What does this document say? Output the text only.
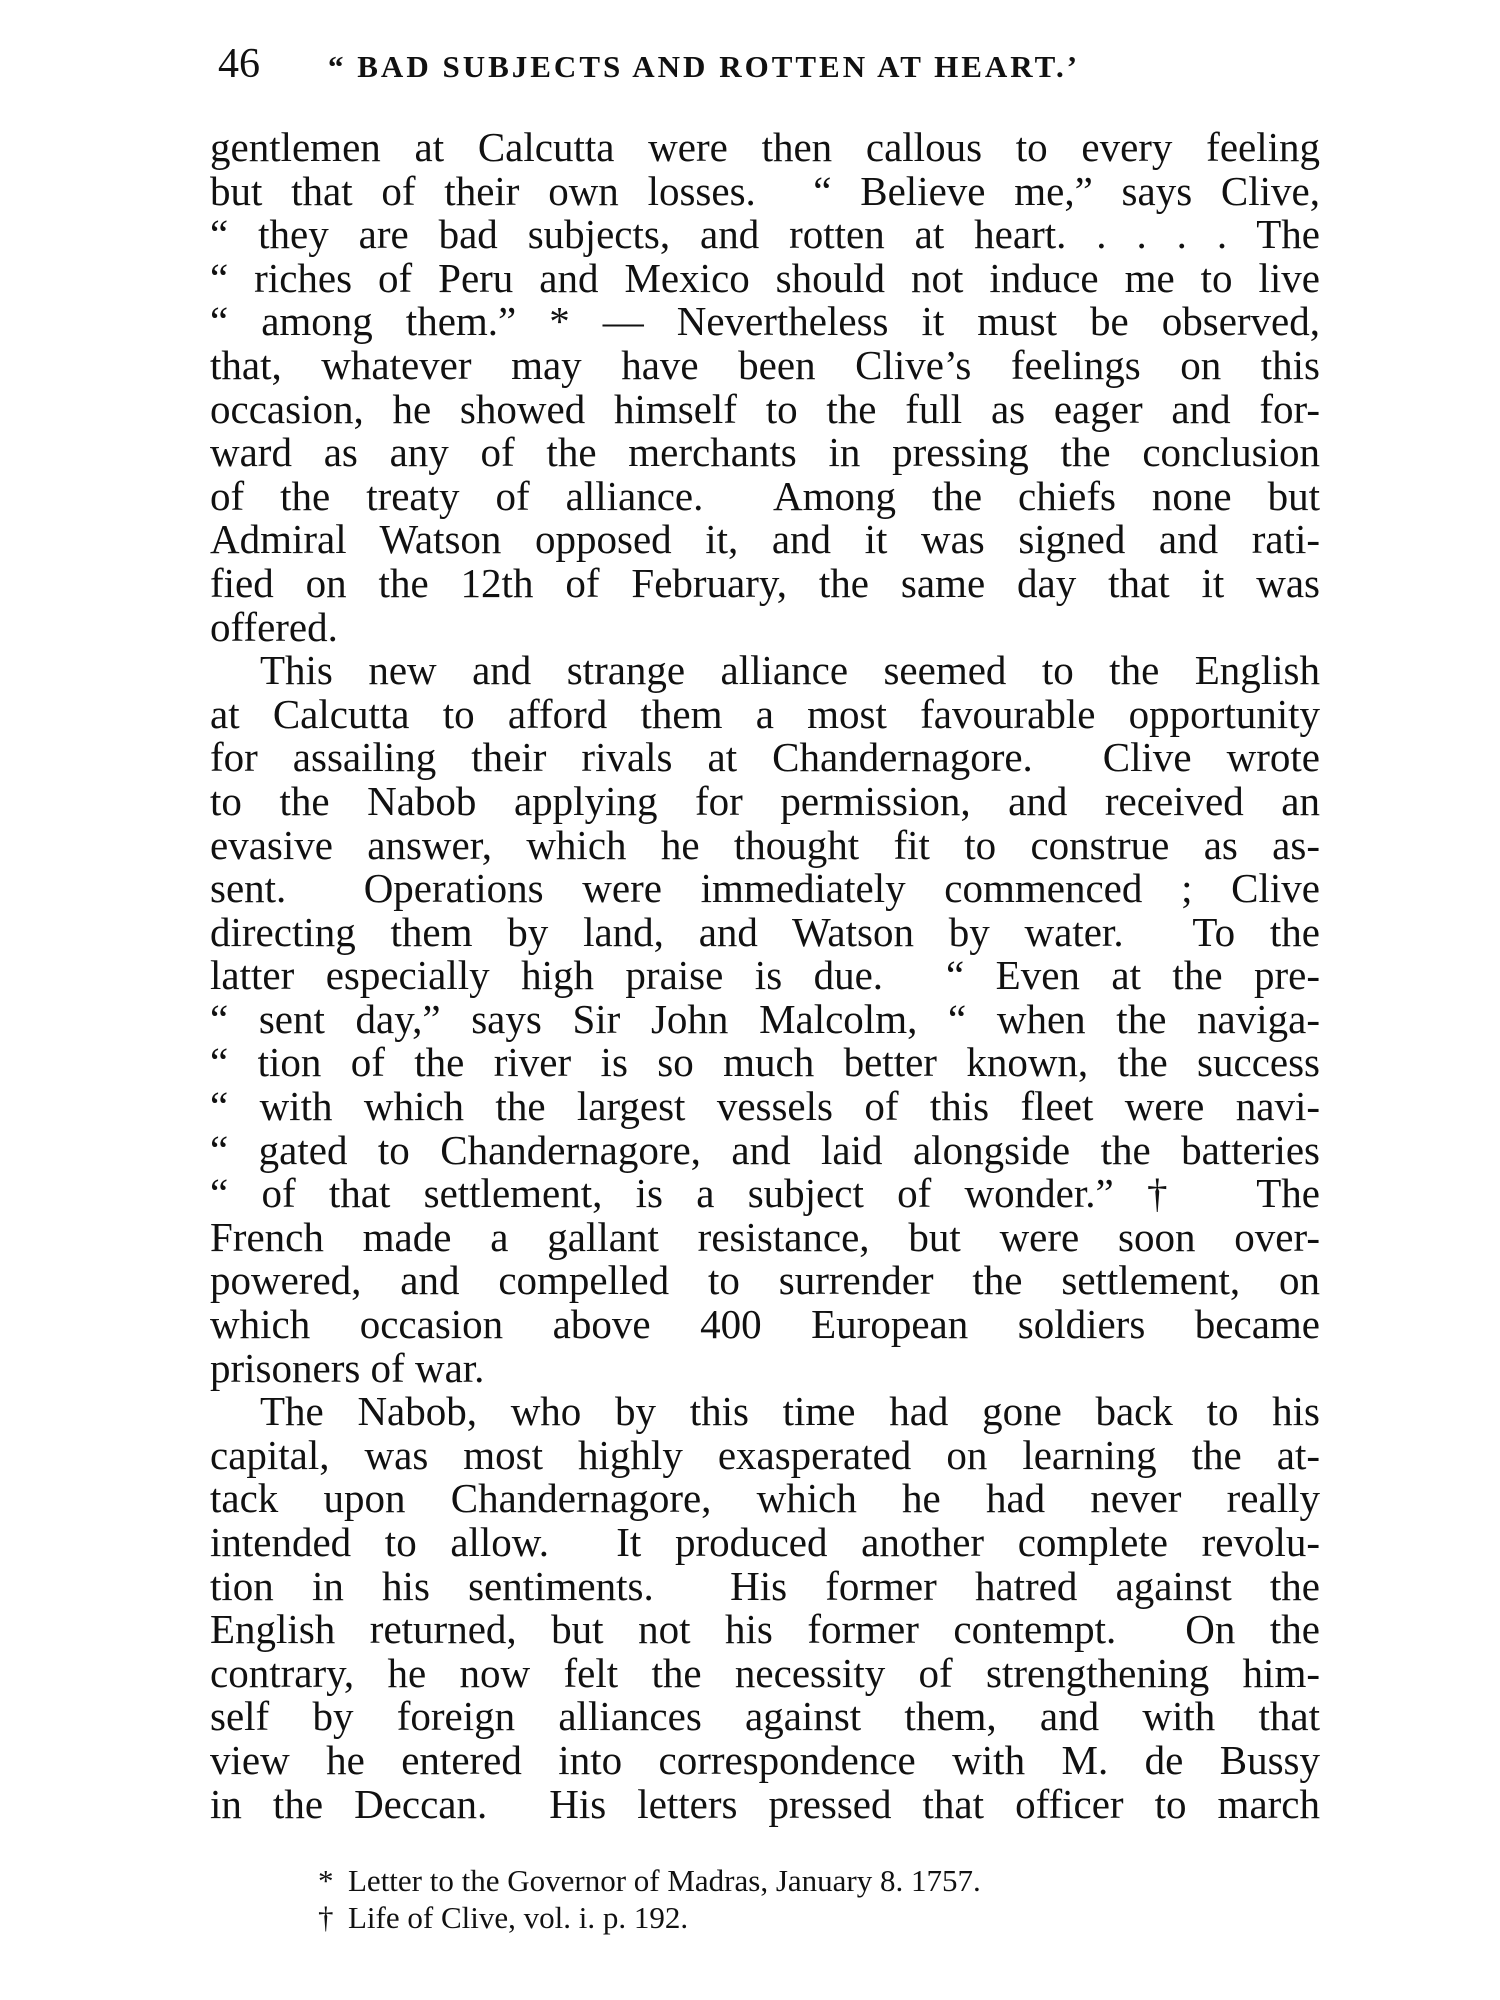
46	“ BAD SUBJECTS AND ROTTEN AT HEART.’
gentlemen at Calcutta were then callous to every feeling
but that of their own losses.  “ Believe me,” says Clive,
“ they are bad subjects, and rotten at heart. . . . . The
“ riches of Peru and Mexico should not induce me to live
“ among them.” * — Nevertheless it must be observed,
that, whatever may have been Clive’s feelings on this
occasion, he showed himself to the full as eager and for-
ward as any of the merchants in pressing the conclusion
of the treaty of alliance.  Among the chiefs none but
Admiral Watson opposed it, and it was signed and rati-
fied on the 12th of February, the same day that it was
offered.
This new and strange alliance seemed to the English
at Calcutta to afford them a most favourable opportunity
for assailing their rivals at Chandernagore.  Clive wrote
to the Nabob applying for permission, and received an
evasive answer, which he thought fit to construe as as-
sent.  Operations were immediately commenced ; Clive
directing them by land, and Watson by water.  To the
latter especially high praise is due.  “ Even at the pre-
“ sent day,” says Sir John Malcolm, “ when the naviga-
“ tion of the river is so much better known, the success
“ with which the largest vessels of this fleet were navi-
“ gated to Chandernagore, and laid alongside the batteries
“ of that settlement, is a subject of wonder.” †  The
French made a gallant resistance, but were soon over-
powered, and compelled to surrender the settlement, on
which occasion above 400 European soldiers became
prisoners of war.
The Nabob, who by this time had gone back to his
capital, was most highly exasperated on learning the at-
tack upon Chandernagore, which he had never really
intended to allow.  It produced another complete revolu-
tion in his sentiments.  His former hatred against the
English returned, but not his former contempt.  On the
contrary, he now felt the necessity of strengthening him-
self by foreign alliances against them, and with that
view he entered into correspondence with M. de Bussy
in the Deccan.  His letters pressed that officer to march
* Letter to the Governor of Madras, January 8. 1757.
† Life of Clive, vol. i. p. 192.
